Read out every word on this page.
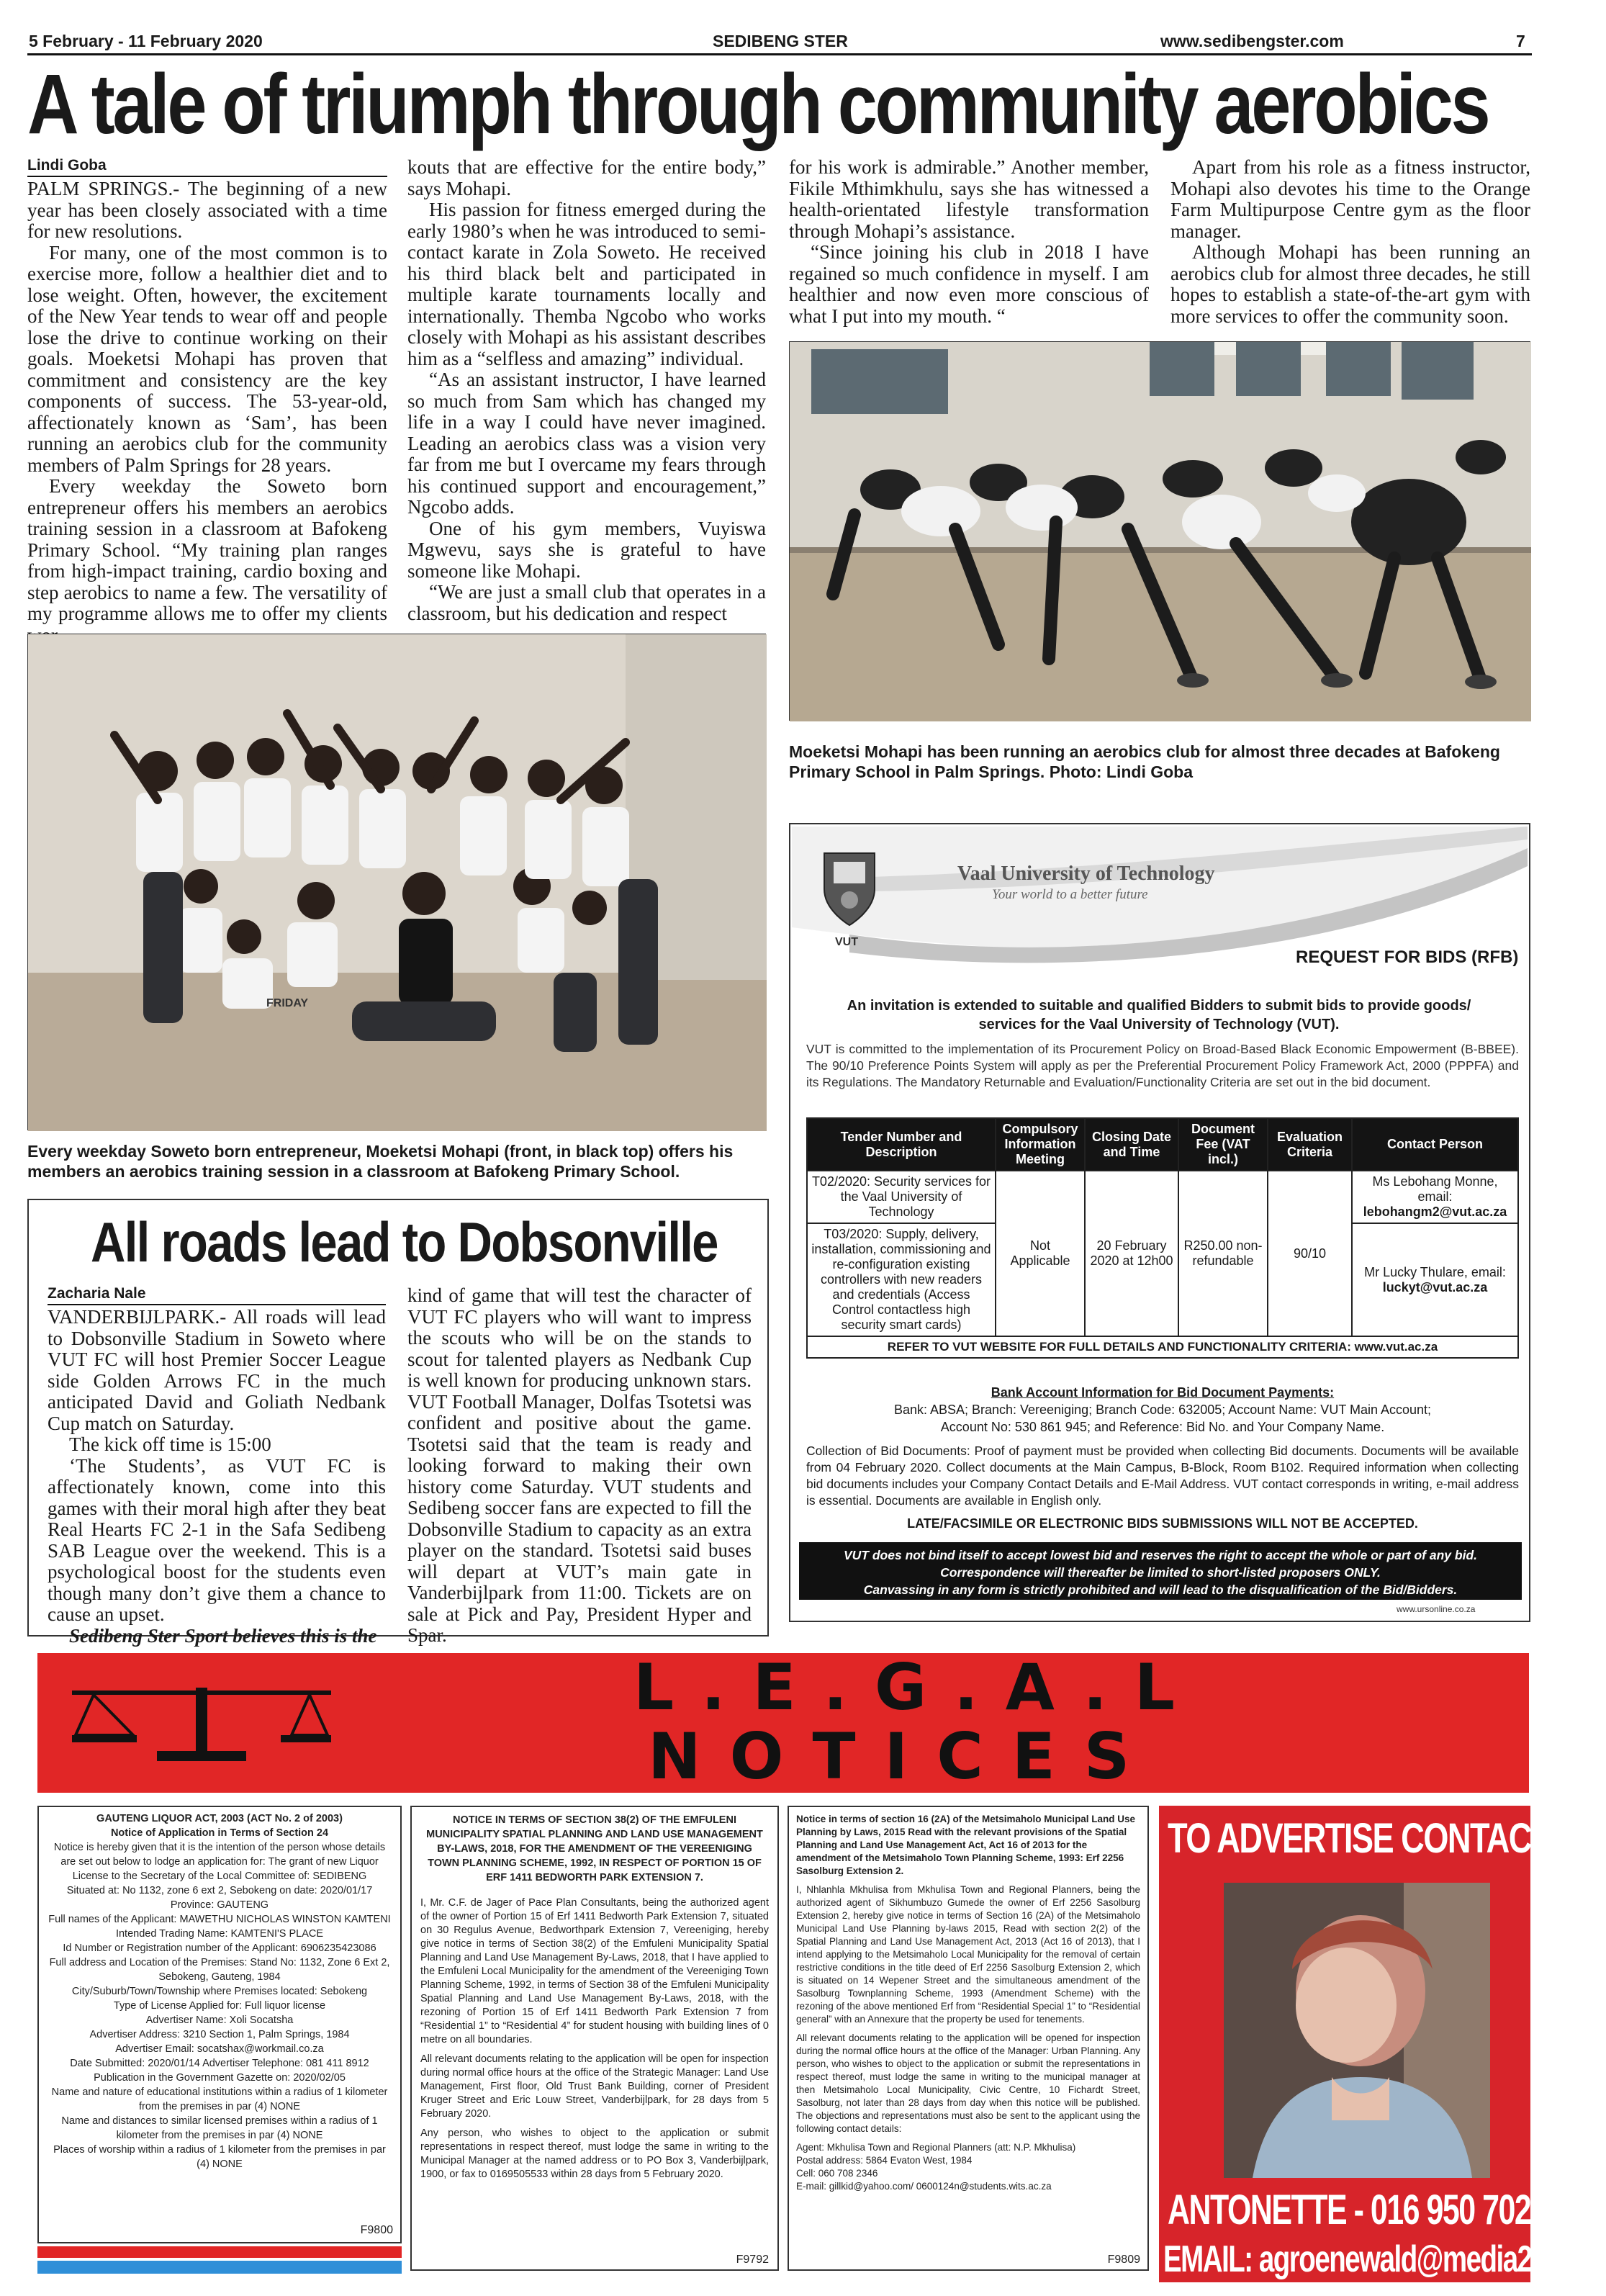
5 February - 11 February 2020	SEDIBENG STER	www.sedibengster.com	7
A tale of triumph through community aerobics
Lindi Goba

PALM SPRINGS.- The beginning of a new year has been closely associated with a time for new resolutions.

For many, one of the most common is to exercise more, follow a healthier diet and to lose weight. Often, however, the excitement of the New Year tends to wear off and people lose the drive to continue working on their goals. Moeketsi Mohapi has proven that commitment and consistency are the key components of success. The 53-year-old, affectionately known as ‘Sam’, has been running an aerobics club for the community members of Palm Springs for 28 years.

Every weekday the Soweto born entrepreneur offers his members an aerobics training session in a classroom at Bafokeng Primary School. “My training plan ranges from high-impact training, cardio boxing and step aerobics to name a few. The versatility of my programme allows me to offer my clients

kouts that are effective for the entire body,” says Mohapi.

His passion for fitness emerged during the early 1980’s when he was introduced to semi-contact karate in Zola Soweto. He received his third black belt and participated in multiple karate tournaments locally and internationally. Themba Ngcobo who works closely with Mohapi as his assistant describes him as a “selfless and amazing” individual.

“As an assistant instructor, I have learned so much from Sam which has changed my life in a way I could have never imagined. Leading an aerobics class was a vision very far from me but I overcame my fears through his continued support and encouragement,” Ngcobo adds.

One of his gym members, Vuyiswa Mgwevu, says she is grateful to have someone like Mohapi.

“We are just a small club that operates in a classroom, but his dedication and respect

for his work is admirable.” Another member, Fikile Mthimkhulu, says she has witnessed a health-orientated lifestyle transformation through Mohapi’s assistance.

“Since joining his club in 2018 I have regained so much confidence in myself. I am healthier and now even more conscious of what I put into my mouth. “

Apart from his role as a fitness instructor, Mohapi also devotes his time to the Orange Farm Multipurpose Centre gym as the floor manager.

Although Mohapi has been running an aerobics club for almost three decades, he still hopes to establish a state-of-the-art gym with more services to offer the community soon.

Moeketsi Mohapi has been running an aerobics club for almost three decades at Bafokeng Primary School in Palm Springs. Photo: Lindi Goba
FRIDAY
Every weekday Soweto born entrepreneur, Moeketsi Mohapi (front, in black top) offers his members an aerobics training session in a classroom at Bafokeng Primary School.
All roads lead to Dobsonville
Zacharia Nale

VANDERBIJLPARK.- All roads will lead to Dobsonville Stadium in Soweto where VUT FC will host Premier Soccer League side Golden Arrows FC in the much anticipated David and Goliath Nedbank Cup match on Saturday.

The kick off time is 15:00

‘The Students’, as VUT FC is affectionately known, come into this games with their moral high after they beat Real Hearts FC 2-1 in the Safa Sedibeng SAB League over the weekend. This is a psychological boost for the students even though many don’t give them a chance to cause an upset.

Sedibeng Ster Sport believes this is the

kind of game that will test the character of VUT FC players who will want to impress the scouts who will be on the stands to scout for talented players as Nedbank Cup is well known for producing unknown stars. VUT Football Manager, Dolfas Tsotetsi was confident and positive about the game. Tsotetsi said that the team is ready and looking forward to making their own history come Saturday. VUT students and Sedibeng soccer fans are expected to fill the Dobsonville Stadium to capacity as an extra player on the standard. Tsotetsi said buses will depart at VUT’s main gate in Vanderbijlpark from 11:00. Tickets are on sale at Pick and Pay, President Hyper and Spar.

VUT
Vaal University of Technology
Your world to a better future
REQUEST FOR BIDS (RFB)
An invitation is extended to suitable and qualified Bidders to submit bids to provide goods/ services for the Vaal University of Technology (VUT).
VUT is committed to the implementation of its Procurement Policy on Broad-Based Black Economic Empowerment (B-BBEE). The 90/10 Preference Points System will apply as per the Preferential Procurement Policy Framework Act, 2000 (PPPFA) and its Regulations. The Mandatory Returnable and Evaluation/Functionality Criteria are set out in the bid document.
Tender Number and Description	Compulsory Information Meeting	Closing Date and Time	Document Fee (VAT incl.)	Evaluation Criteria	Contact Person
T02/2020: Security services for the Vaal University of Technology	Not Applicable	20 February 2020 at 12h00	R250.00 non-refundable	90/10	Ms Lebohang Monne, email:
lebohangm2@vut.ac.za

T03/2020: Supply, delivery, installation, commissioning and re-configuration existing controllers with new readers and credentials (Access Control contactless high security smart cards)					Mr Lucky Thulare, email:
luckyt@vut.ac.za

REFER TO VUT WEBSITE FOR FULL DETAILS AND FUNCTIONALITY CRITERIA: www.vut.ac.za					
Bank Account Information for Bid Document Payments:
Bank: ABSA; Branch: Vereeniging; Branch Code: 632005; Account Name: VUT Main Account;
Account No: 530 861 945; and Reference: Bid No. and Your Company Name.
Collection of Bid Documents: Proof of payment must be provided when collecting Bid documents. Documents will be available from 04 February 2020. Collect documents at the Main Campus, B-Block, Room B102. Required information when collecting bid documents includes your Company Contact Details and E-Mail Address. VUT contact corresponds in writing, e-mail address is essential. Documents are available in English only.
LATE/FACSIMILE OR ELECTRONIC BIDS SUBMISSIONS WILL NOT BE ACCEPTED.
VUT does not bind itself to accept lowest bid and reserves the right to accept the whole or part of any bid.
Correspondence will thereafter be limited to short-listed proposers ONLY.
Canvassing in any form is strictly prohibited and will lead to the disqualification of the Bid/Bidders.
www.ursonline.co.za
L.E.G.A.L
NOTICES
GAUTENG LIQUOR ACT, 2003 (ACT No. 2 of 2003)
Notice of Application in Terms of Section 24
Notice is hereby given that it is the intention of the person whose details are set out below to lodge an application for: The grant of new Liquor License to the Secretary of the Local Committee of: SEDIBENG
Situated at: No 1132, zone 6 ext 2, Sebokeng on date: 2020/01/17
Province: GAUTENG
Full names of the Applicant: MAWETHU NICHOLAS WINSTON KAMTENI
Intended Trading Name: KAMTENI'S PLACE
Id Number or Registration number of the Applicant: 6906235423086
Full address and Location of the Premises: Stand No: 1132, Zone 6 Ext 2, Sebokeng, Gauteng, 1984
City/Suburb/Town/Township where Premises located: Sebokeng
Type of License Applied for: Full liquor license
Advertiser Name: Xoli Socatsha
Advertiser Address: 3210 Section 1, Palm Springs, 1984
Advertiser Email: socatshax@workmail.co.za
Date Submitted: 2020/01/14 Advertiser Telephone: 081 411 8912
Publication in the Government Gazette on: 2020/02/05
Name and nature of educational institutions within a radius of 1 kilometer from the premises in par (4) NONE
Name and distances to similar licensed premises within a radius of 1 kilometer from the premises in par (4) NONE
Places of worship within a radius of 1 kilometer from the premises in par (4) NONE
F9800

NOTICE IN TERMS OF SECTION 38(2) OF THE EMFULENI MUNICIPALITY SPATIAL PLANNING AND LAND USE MANAGEMENT BY-LAWS, 2018, FOR THE AMENDMENT OF THE VEREENIGING TOWN PLANNING SCHEME, 1992, IN RESPECT OF PORTION 15 OF ERF 1411 BEDWORTH PARK EXTENSION 7.

I, Mr. C.F. de Jager of Pace Plan Consultants, being the authorized agent of the owner of Portion 15 of Erf 1411 Bedworth Park Extension 7, situated on 30 Regulus Avenue, Bedworthpark Extension 7, Vereeniging, hereby give notice in terms of Section 38(2) of the Emfuleni Municipality Spatial Planning and Land Use Management By-Laws, 2018, that I have applied to the Emfuleni Local Municipality for the amendment of the Vereeniging Town Planning Scheme, 1992, in terms of Section 38 of the Emfuleni Municipality Spatial Planning and Land Use Management By-Laws, 2018, with the rezoning of Portion 15 of Erf 1411 Bedworth Park Extension 7 from “Residential 1” to “Residential 4” for student housing with building lines of 0 metre on all boundaries.

All relevant documents relating to the application will be open for inspection during normal office hours at the office of the Strategic Manager: Land Use Management, First floor, Old Trust Bank Building, corner of President Kruger Street and Eric Louw Street, Vanderbijlpark, for 28 days from 5 February 2020.

Any person, who wishes to object to the application or submit representations in respect thereof, must lodge the same in writing to the Municipal Manager at the named address or to PO Box 3, Vanderbijlpark, 1900, or fax to 0169505533 within 28 days from 5 February 2020.

F9792

Notice in terms of section 16 (2A) of the Metsimaholo Municipal Land Use Planning by Laws, 2015 Read with the relevant provisions of the Spatial Planning and Land Use Management Act, Act 16 of 2013 for the amendment of the Metsimaholo Town Planning Scheme, 1993: Erf 2256 Sasolburg Extension 2.

I, Nhlanhla Mkhulisa from Mkhulisa Town and Regional Planners, being the authorized agent of Sikhumbuzo Gumede the owner of Erf 2256 Sasolburg Extension 2, hereby give notice in terms of Section 16 (2A) of the Metsimaholo Municipal Land Use Planning by-laws 2015, Read with section 2(2) of the Spatial Planning and Land Use Management Act, 2013 (Act 16 of 2013), that I intend applying to the Metsimaholo Local Municipality for the removal of certain restrictive conditions in the title deed of Erf 2256 Sasolburg Extension 2, which is situated on 14 Wepener Street and the simultaneous amendment of the Sasolburg Townplanning Scheme, 1993 (Amendment Scheme) with the rezoning of the above mentioned Erf from “Residential Special 1” to “Residential general” with an Annexure that the property be used for tenements.

All relevant documents relating to the application will be opened for inspection during the normal office hours at the office of the Manager: Urban Planning. Any person, who wishes to object to the application or submit the representations in respect thereof, must lodge the same in writing to the municipal manager at then Metsimaholo Local Municipality, Civic Centre, 10 Fichardt Street, Sasolburg, not later than 28 days from day when this notice will be published. The objections and representations must also be sent to the applicant using the following contact details:

Agent: Mkhulisa Town and Regional Planners (att: N.P. Mkhulisa)
Postal address: 5864 Evaton West, 1984
Cell: 060 708 2346
E-mail: gillkid@yahoo.com/ 0600124n@students.wits.ac.za
F9809
TO ADVERTISE CONTACT
ANTONETTE - 016 950 7022
EMAIL: agroenewald@media24.com
